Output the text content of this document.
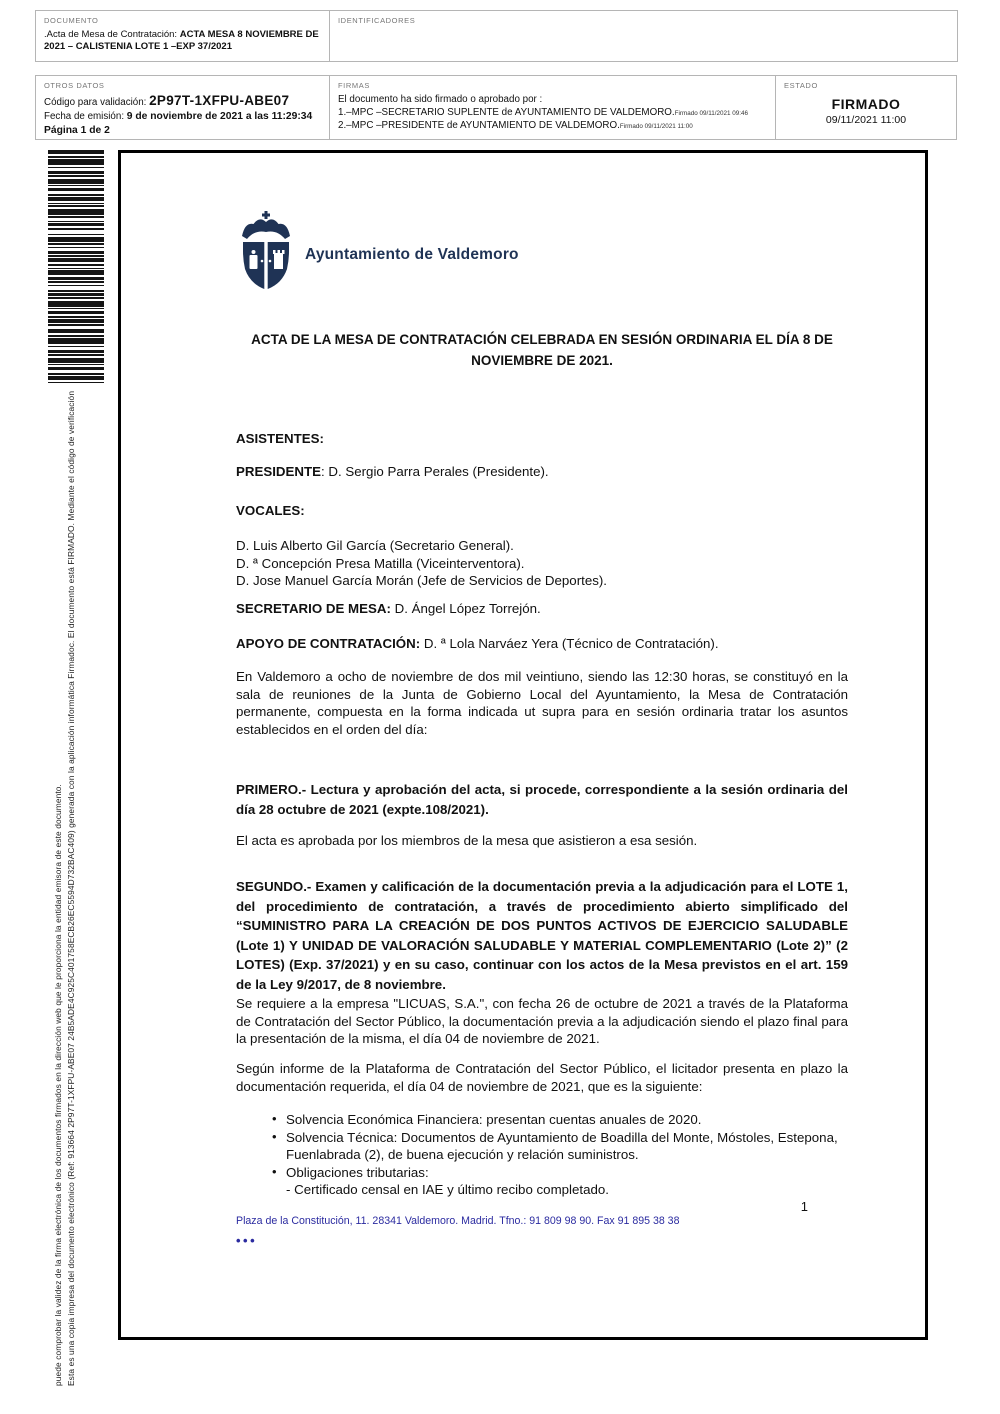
DOCUMENTO
.Acta de Mesa de Contratación: ACTA MESA 8 NOVIEMBRE DE 2021 – CALISTENIA LOTE 1 –EXP 37/2021
IDENTIFICADORES
OTROS DATOS
Código para validación: 2P97T-1XFPU-ABE07
Fecha de emisión: 9 de noviembre de 2021 a las 11:29:34
Página 1 de 2
FIRMAS
El documento ha sido firmado o aprobado por :
1.–MPC –SECRETARIO SUPLENTE de AYUNTAMIENTO DE VALDEMORO.Firmado 09/11/2021 09:46
2.–MPC –PRESIDENTE de AYUNTAMIENTO DE VALDEMORO.Firmado 09/11/2021 11:00
ESTADO
FIRMADO
09/11/2021 11:00
Esta es una copia impresa del documento electrónico (Ref: 913664 2P97T-1XFPU-ABE07 24B5ADE4C925C401758ECB26EC5594D732BAC409) generada con la aplicación informática Firmadoc. El documento está FIRMADO. Mediante el código de verificación
puede comprobar la validez de la firma electrónica de los documentos firmados en la dirección web que le proporciona la entidad emisora de este documento.
Ayuntamiento de Valdemoro
ACTA DE LA MESA DE CONTRATACIÓN CELEBRADA EN SESIÓN ORDINARIA EL DÍA 8 DE NOVIEMBRE DE 2021.
ASISTENTES:
PRESIDENTE: D. Sergio Parra Perales (Presidente).
VOCALES:
D. Luis Alberto Gil García (Secretario General).
D. ª Concepción Presa Matilla (Viceinterventora).
D. Jose Manuel García Morán (Jefe de Servicios de Deportes).
SECRETARIO DE MESA: D. Ángel López Torrejón.
APOYO DE CONTRATACIÓN: D. ª Lola Narváez Yera (Técnico de Contratación).
En Valdemoro a ocho de noviembre de dos mil veintiuno, siendo las 12:30 horas, se constituyó en la sala de reuniones de la Junta de Gobierno Local del Ayuntamiento, la Mesa de Contratación permanente, compuesta en la forma indicada ut supra para en sesión ordinaria tratar los asuntos establecidos en el orden del día:
PRIMERO.- Lectura y aprobación del acta, si procede, correspondiente a la sesión ordinaria del día 28 octubre de 2021 (expte.108/2021).
El acta es aprobada por los miembros de la mesa que asistieron a esa sesión.
SEGUNDO.- Examen y calificación de la documentación previa a la adjudicación para el LOTE 1, del procedimiento de contratación, a través de procedimiento abierto simplificado del “SUMINISTRO PARA LA CREACIÓN DE DOS PUNTOS ACTIVOS DE EJERCICIO SALUDABLE (Lote 1) Y UNIDAD DE VALORACIÓN SALUDABLE Y MATERIAL COMPLEMENTARIO (Lote 2)” (2 LOTES) (Exp. 37/2021) y en su caso, continuar con los actos de la Mesa previstos en el art. 159 de la Ley 9/2017, de 8 noviembre.
Se requiere a la empresa "LICUAS, S.A.", con fecha 26 de octubre de 2021 a través de la Plataforma de Contratación del Sector Público, la documentación previa a la adjudicación siendo el plazo final para la presentación de la misma, el día 04 de noviembre de 2021.
Según informe de la Plataforma de Contratación del Sector Público, el licitador presenta en plazo la documentación requerida, el día 04 de noviembre de 2021, que es la siguiente:
• Solvencia Económica Financiera: presentan cuentas anuales de 2020.
• Solvencia Técnica: Documentos de Ayuntamiento de Boadilla del Monte, Móstoles, Estepona, Fuenlabrada (2), de buena ejecución y relación suministros.
• Obligaciones tributarias:
- Certificado censal en IAE y último recibo completado.
1
Plaza de la Constitución, 11. 28341 Valdemoro. Madrid. Tfno.: 91 809 98 90. Fax 91 895 38 38
•••
